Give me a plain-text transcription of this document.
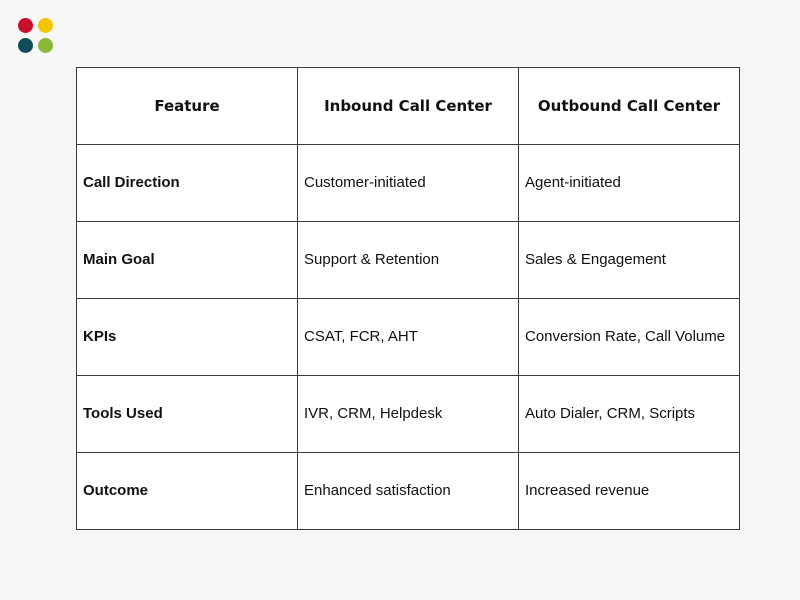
Feature	Inbound Call Center	Outbound Call Center
Call Direction	Customer-initiated	Agent-initiated
Main Goal	Support & Retention	Sales & Engagement
KPIs	CSAT, FCR, AHT	Conversion Rate, Call Volume
Tools Used	IVR, CRM, Helpdesk	Auto Dialer, CRM, Scripts
Outcome	Enhanced satisfaction	Increased revenue
